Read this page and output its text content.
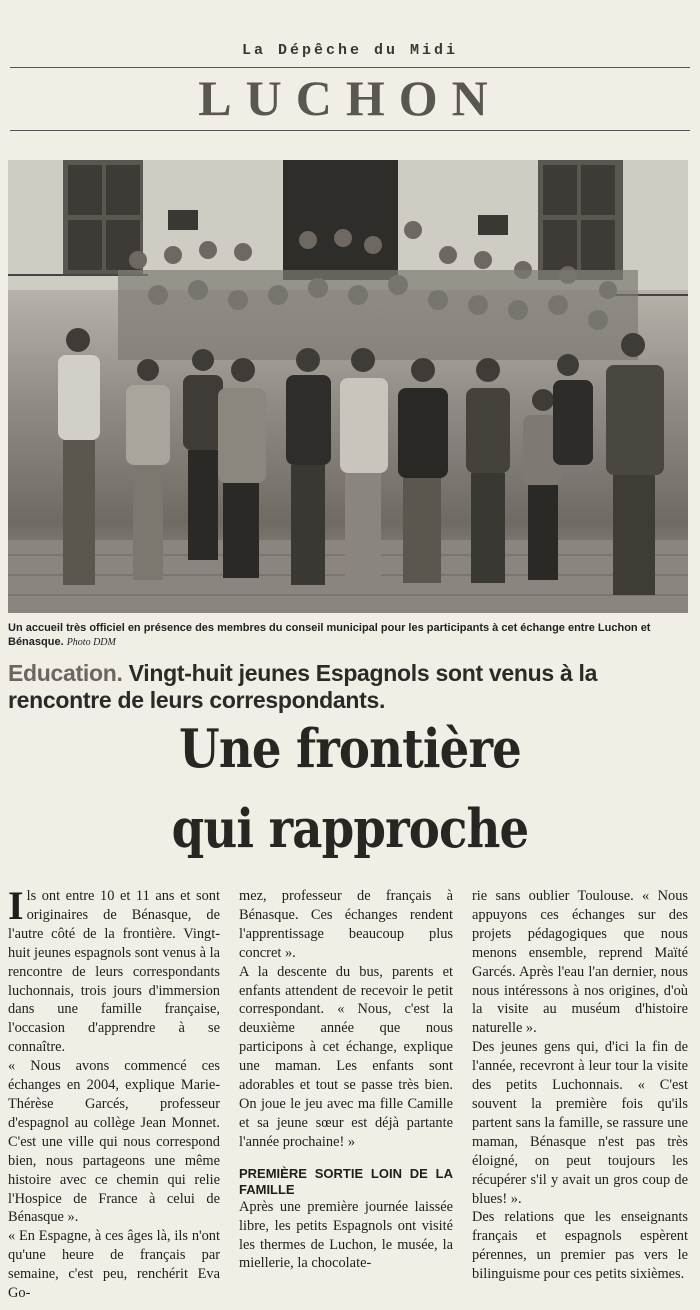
La Dépêche du Midi
LUCHON
Un accueil très officiel en présence des membres du conseil municipal pour les participants à cet échange entre Luchon et Bénasque. Photo DDM
Education. Vingt-huit jeunes Espagnols sont venus à la rencontre de leurs correspondants.
Une frontière
qui rapproche

Ils ont entre 10 et 11 ans et sont originaires de Bénasque, de l'autre côté de la frontière. Vingt-huit jeunes espagnols sont venus à la rencontre de leurs correspondants luchonnais, trois jours d'immersion dans une famille française, l'occasion d'apprendre à se connaître.

« Nous avons commencé ces échanges en 2004, explique Marie-Thérèse Garcés, professeur d'espagnol au collège Jean Monnet. C'est une ville qui nous correspond bien, nous partageons une même histoire avec ce chemin qui relie l'Hospice de France à celui de Bénasque ».

« En Espagne, à ces âges là, ils n'ont qu'une heure de français par semaine, c'est peu, renchérit Eva Go-

mez, professeur de français à Bénasque. Ces échanges rendent l'apprentissage beaucoup plus concret ».

A la descente du bus, parents et enfants attendent de recevoir le petit correspondant. « Nous, c'est la deuxième année que nous participons à cet échange, explique une maman. Les enfants sont adorables et tout se passe très bien. On joue le jeu avec ma fille Camille et sa jeune sœur est déjà partante l'année prochaine! »

PREMIÈRE SORTIE LOIN DE LA FAMILLE

Après une première journée laissée libre, les petits Espagnols ont visité les thermes de Luchon, le musée, la miellerie, la chocolate-

rie sans oublier Toulouse. « Nous appuyons ces échanges sur des projets pédagogiques que nous menons ensemble, reprend Maïté Garcés. Après l'eau l'an dernier, nous nous intéressons à nos origines, d'où la visite au muséum d'histoire naturelle ».

Des jeunes gens qui, d'ici la fin de l'année, recevront à leur tour la visite des petits Luchonnais. « C'est souvent la première fois qu'ils partent sans la famille, se rassure une maman, Bénasque n'est pas très éloigné, on peut toujours les récupérer s'il y avait un gros coup de blues! ».

Des relations que les enseignants français et espagnols espèrent pérennes, un premier pas vers le bilinguisme pour ces petits sixièmes.
